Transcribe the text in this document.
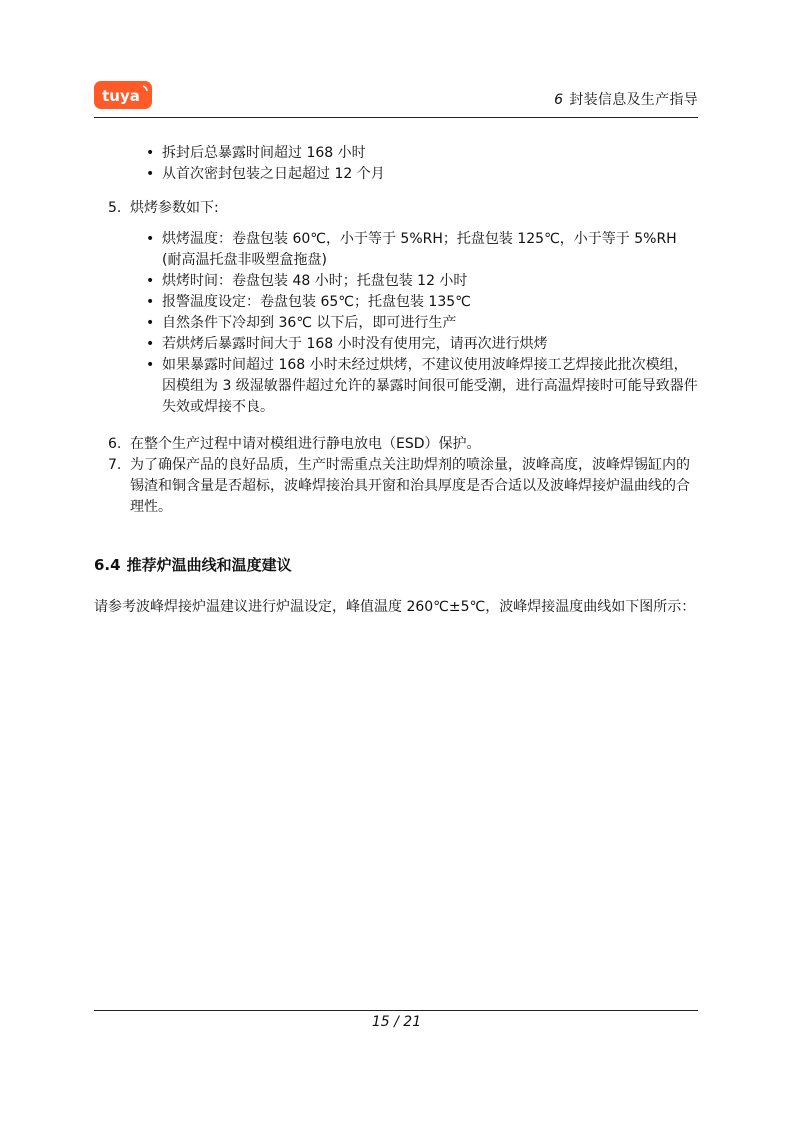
tuya	6 封装信息及生产指导
• 拆封后总暴露时间超过 168 小时
• 从首次密封包装之日起超过 12 个月
5. 烘烤参数如下:
• 烘烤温度：卷盘包装 60℃，小于等于 5%RH；托盘包装 125℃，小于等于 5%RH (耐高温托盘非吸塑盒拖盘)
• 烘烤时间：卷盘包装 48 小时；托盘包装 12 小时
• 报警温度设定：卷盘包装 65℃；托盘包装 135℃
• 自然条件下冷却到 36℃ 以下后，即可进行生产
• 若烘烤后暴露时间大于 168 小时没有使用完，请再次进行烘烤
• 如果暴露时间超过 168 小时未经过烘烤，不建议使用波峰焊接工艺焊接此批次模组，因模组为 3 级湿敏器件超过允许的暴露时间很可能受潮，进行高温焊接时可能导致器件失效或焊接不良。
6. 在整个生产过程中请对模组进行静电放电（ESD）保护。
7. 为了确保产品的良好品质，生产时需重点关注助焊剂的喷涂量，波峰高度，波峰焊锡缸内的锡渣和铜含量是否超标，波峰焊接治具开窗和治具厚度是否合适以及波峰焊接炉温曲线的合理性。
6.4 推荐炉温曲线和温度建议
请参考波峰焊接炉温建议进行炉温设定，峰值温度 260℃±5℃，波峰焊接温度曲线如下图所示：
15 / 21
